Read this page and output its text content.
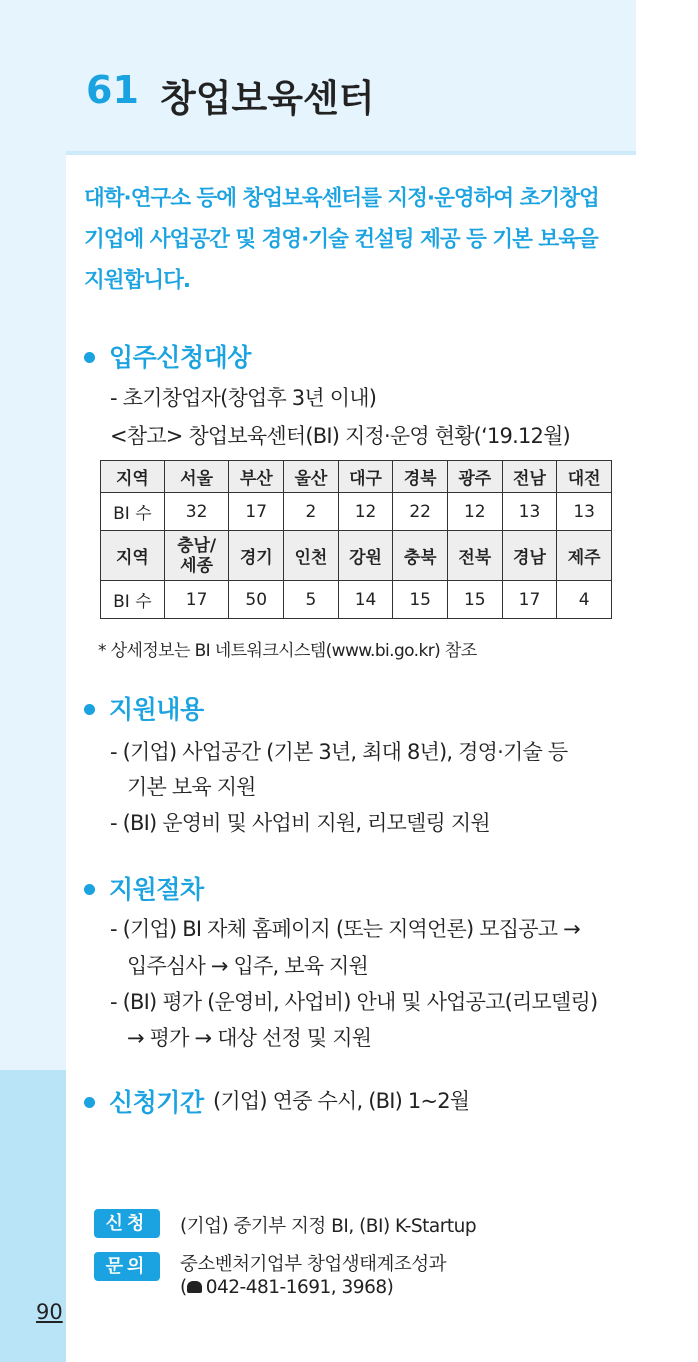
90
61 창업보육센터
대학·연구소 등에 창업보육센터를 지정·운영하여 초기창업
기업에 사업공간 및 경영·기술 컨설팅 제공 등 기본 보육을
지원합니다.
입주신청대상
- 초기창업자(창업후 3년 이내)
<참고> 창업보육센터(BI) 지정·운영 현황(‘19.12월)
지역	서울	부산	울산	대구	경북	광주	전남	대전
BI 수	32	17	2	12	22	12	13	13
지역	충남/
세종	경기	인천	강원	충북	전북	경남	제주
BI 수	17	50	5	14	15	15	17	4
* 상세정보는 BI 네트워크시스템(www.bi.go.kr) 참조
지원내용
- (기업) 사업공간 (기본 3년, 최대 8년), 경영·기술 등
기본 보육 지원
- (BI) 운영비 및 사업비 지원, 리모델링 지원
지원절차
- (기업) BI 자체 홈페이지 (또는 지역언론) 모집공고 →
입주심사 → 입주, 보육 지원
- (BI) 평가 (운영비, 사업비) 안내 및 사업공고(리모델링)
→ 평가 → 대상 선정 및 지원
신청기간 (기업) 연중 수시, (BI) 1~2월
신청	(기업) 중기부 지정 BI, (BI) K-Startup
문의	중소벤처기업부 창업생태계조성과
( 042-481-1691, 3968)
